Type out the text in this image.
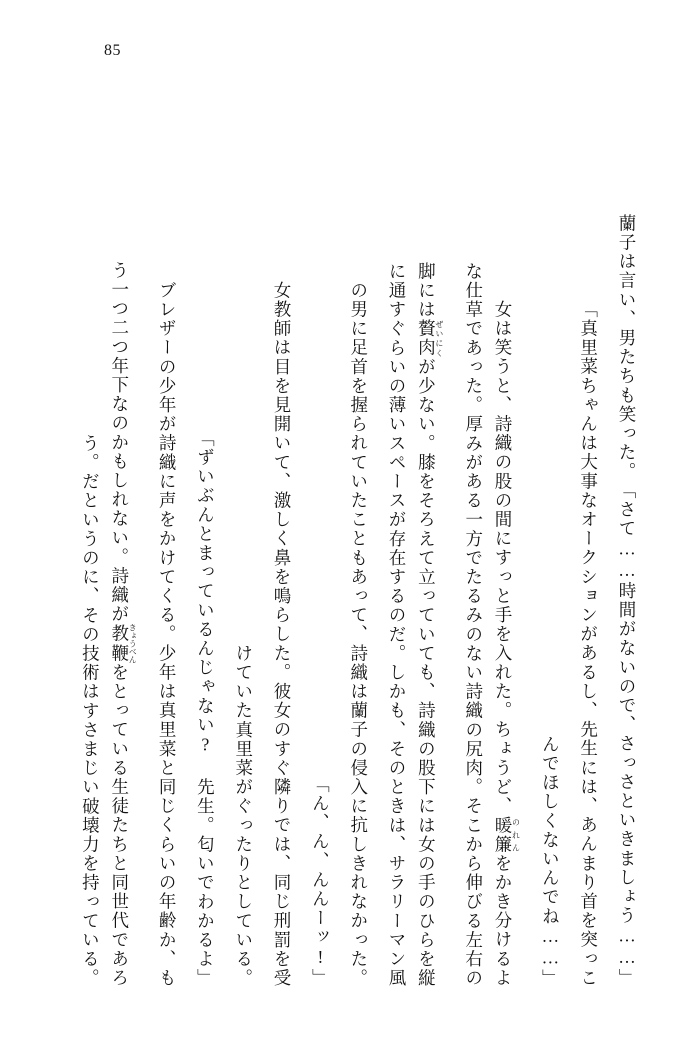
85
「さて……時間がないので、さっさといきましょう……」
蘭子は言い、男たちも笑った。
「真里菜ちゃんは大事なオークションがあるし、先生には、あんまり首を突っこ
んでほしくないんでね……」
女は笑うと、詩織の股の間にすっと手を入れた。ちょうど、暖簾のれんをかき分けるよ
な仕草であった。厚みがある一方でたるみのない詩織の尻肉。そこから伸びる左右の
脚には贅肉ぜいにくが少ない。膝をそろえて立っていても、詩織の股下には女の手のひらを縦
に通すぐらいの薄いスペースが存在するのだ。しかも、そのときは、サラリーマン風
の男に足首を握られていたこともあって、詩織は蘭子の侵入に抗しきれなかった。
「ん、ん、んんーッ!」
女教師は目を見開いて、激しく鼻を鳴らした。彼女のすぐ隣りでは、同じ刑罰を受
けていた真里菜がぐったりとしている。
「ずいぶんとまっているんじゃない? 先生。匂いでわかるよ」
ブレザーの少年が詩織に声をかけてくる。少年は真里菜と同じくらいの年齢か、も
う一つ二つ年下なのかもしれない。詩織が教鞭きょうべんをとっている生徒たちと同世代であろ
う。だというのに、その技術はすさまじい破壊力を持っている。
